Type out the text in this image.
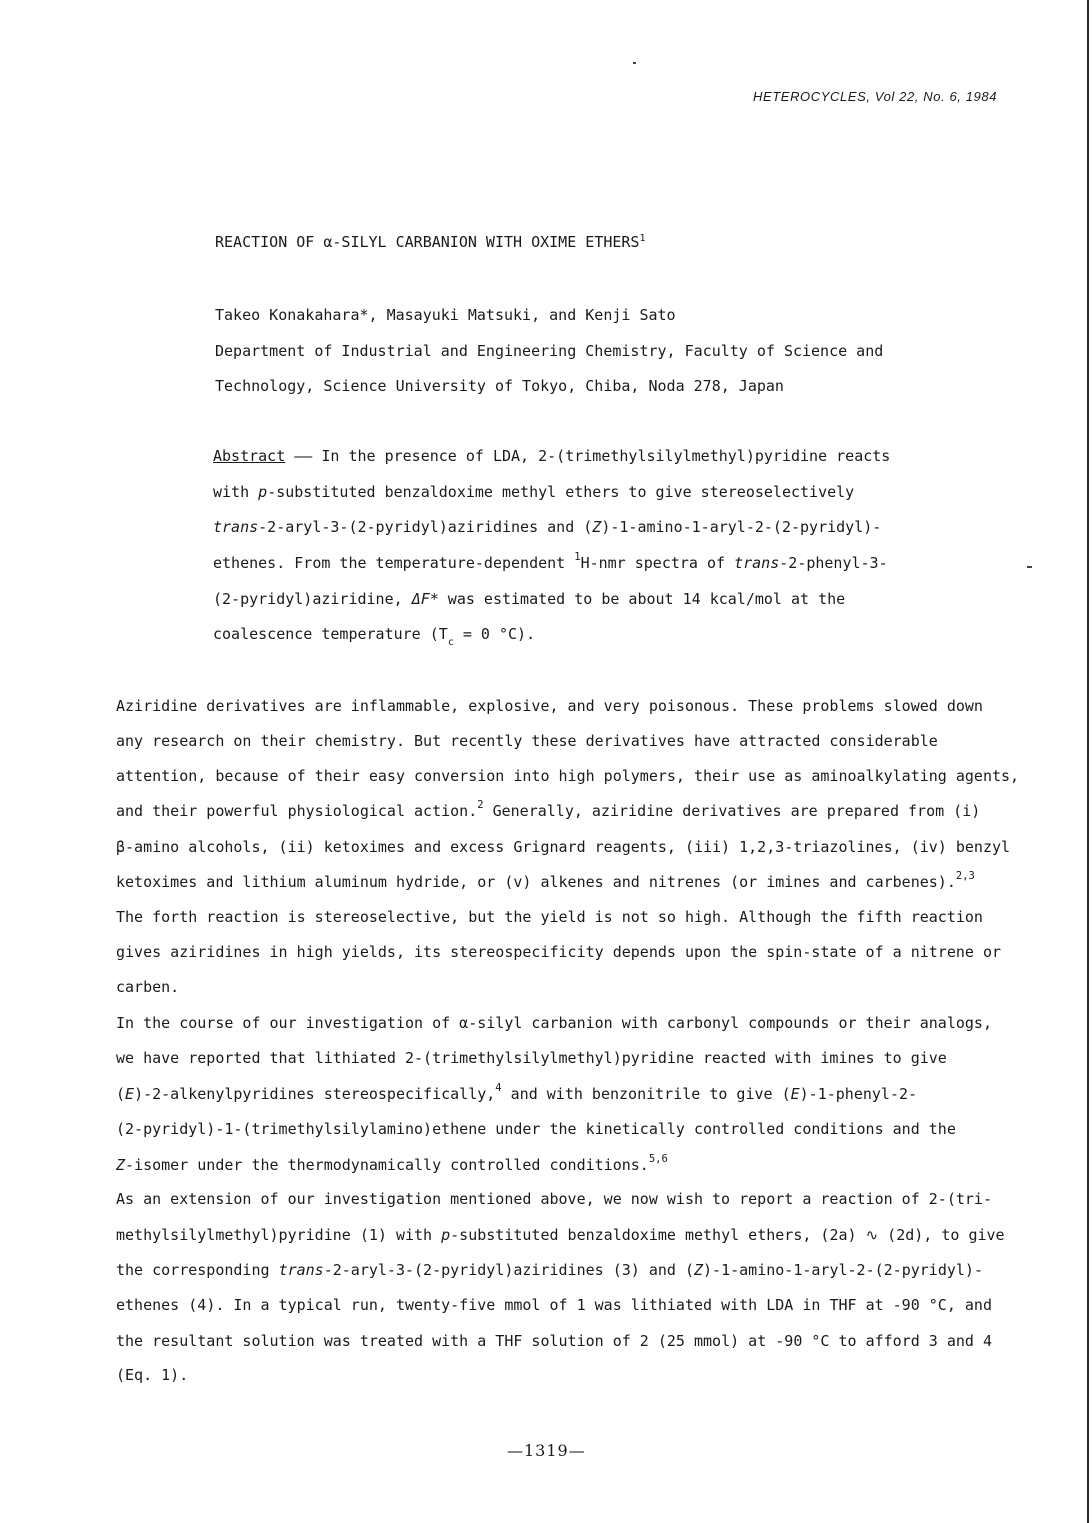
HETEROCYCLES, Vol 22, No. 6, 1984
REACTION OF α-SILYL CARBANION WITH OXIME ETHERS$^1$
Takeo Konakahara*, Masayuki Matsuki, and Kenji Sato
Department of Industrial and Engineering Chemistry, Faculty of Science and
Technology, Science University of Tokyo, Chiba, Noda 278, Japan
Abstract —— In the presence of LDA, 2-(trimethylsilylmethyl)pyridine reacts
with p-substituted benzaldoxime methyl ethers to give stereoselectively
trans-2-aryl-3-(2-pyridyl)aziridines and (Z)-1-amino-1-aryl-2-(2-pyridyl)-
ethenes. From the temperature-dependent $^1$H-nmr spectra of trans-2-phenyl-3-
(2-pyridyl)aziridine, ΔF* was estimated to be about 14 kcal/mol at the
coalescence temperature ($T_c = 0$ °C).
Aziridine derivatives are inflammable, explosive, and very poisonous. These problems slowed down
any research on their chemistry. But recently these derivatives have attracted considerable
attention, because of their easy conversion into high polymers, their use as aminoalkylating agents,
and their powerful physiological action.$^2$ Generally, aziridine derivatives are prepared from (i)
β-amino alcohols, (ii) ketoximes and excess Grignard reagents, (iii) 1,2,3-triazolines, (iv) benzyl
ketoximes and lithium aluminum hydride, or (v) alkenes and nitrenes (or imines and carbenes).$^{2,3}$
The forth reaction is stereoselective, but the yield is not so high. Although the fifth reaction
gives aziridines in high yields, its stereospecificity depends upon the spin-state of a nitrene or
carben.
In the course of our investigation of α-silyl carbanion with carbonyl compounds or their analogs,
we have reported that lithiated 2-(trimethylsilylmethyl)pyridine reacted with imines to give
(E)-2-alkenylpyridines stereospecifically,$^4$ and with benzonitrile to give (E)-1-phenyl-2-
(2-pyridyl)-1-(trimethylsilylamino)ethene under the kinetically controlled conditions and the
Z-isomer under the thermodynamically controlled conditions.$^{5,6}$
As an extension of our investigation mentioned above, we now wish to report a reaction of 2-(tri-
methylsilylmethyl)pyridine (1) with p-substituted benzaldoxime methyl ethers, (2a) ∿ (2d), to give
the corresponding trans-2-aryl-3-(2-pyridyl)aziridines (3) and (Z)-1-amino-1-aryl-2-(2-pyridyl)-
ethenes (4). In a typical run, twenty-five mmol of 1 was lithiated with LDA in THF at -90 °C, and
the resultant solution was treated with a THF solution of 2 (25 mmol) at -90 °C to afford 3 and 4
(Eq. 1).
—1319—
